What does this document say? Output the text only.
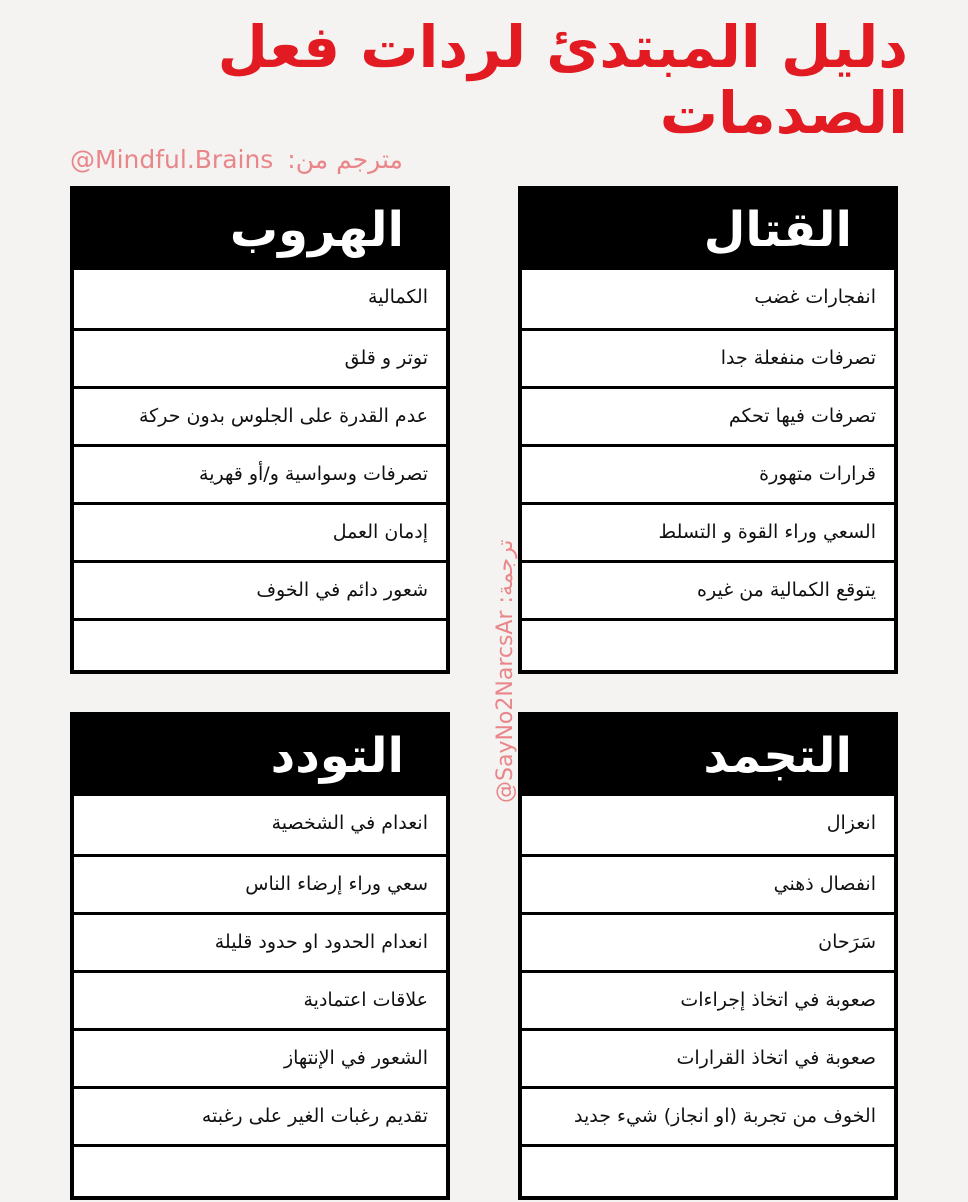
دليل المبتدئ لردات فعل الصدمات
مترجم من: @Mindful.Brains
ترجمة: @SayNo2NarcsAr
القتال
انفجارات غضب
تصرفات منفعلة جدا
تصرفات فيها تحكم
قرارات متهورة
السعي وراء القوة و التسلط
يتوقع الكمالية من غيره
الهروب
الكمالية
توتر و قلق
عدم القدرة على الجلوس بدون حركة
تصرفات وسواسية و/أو قهرية
إدمان العمل
شعور دائم في الخوف
التجمد
انعزال
انفصال ذهني
سَرَحان
صعوبة في اتخاذ إجراءات
صعوبة في اتخاذ القرارات
الخوف من تجربة (او انجاز) شيء جديد
التودد
انعدام في الشخصية
سعي وراء إرضاء الناس
انعدام الحدود او حدود قليلة
علاقات اعتمادية
الشعور في الإنتهاز
تقديم رغبات الغير على رغبته
